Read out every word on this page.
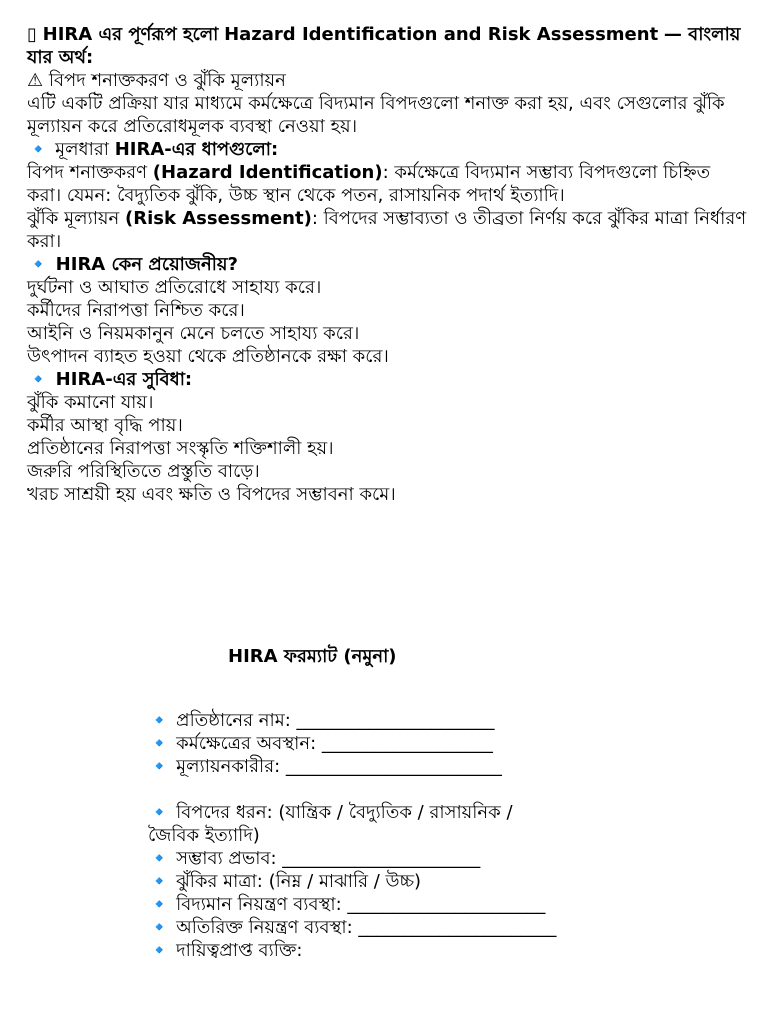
▯ HIRA এর পূর্ণরূপ হলো Hazard Identification and Risk Assessment — বাংলায় যার অর্থ:

⚠ বিপদ শনাক্তকরণ ও ঝুঁকি মূল্যায়ন

এটি একটি প্রক্রিয়া যার মাধ্যমে কর্মক্ষেত্রে বিদ্যমান বিপদগুলো শনাক্ত করা হয়, এবং সেগুলোর ঝুঁকি মূল্যায়ন করে প্রতিরোধমূলক ব্যবস্থা নেওয়া হয়।

🔹 মূলধারা HIRA-এর ধাপগুলো:

বিপদ শনাক্তকরণ (Hazard Identification): কর্মক্ষেত্রে বিদ্যমান সম্ভাব্য বিপদগুলো চিহ্নিত করা। যেমন: বৈদ্যুতিক ঝুঁকি, উচ্চ স্থান থেকে পতন, রাসায়নিক পদার্থ ইত্যাদি।

ঝুঁকি মূল্যায়ন (Risk Assessment): বিপদের সম্ভাব্যতা ও তীব্রতা নির্ণয় করে ঝুঁকির মাত্রা নির্ধারণ করা।

🔹 HIRA কেন প্রয়োজনীয়?

দুর্ঘটনা ও আঘাত প্রতিরোধে সাহায্য করে।

কর্মীদের নিরাপত্তা নিশ্চিত করে।

আইনি ও নিয়মকানুন মেনে চলতে সাহায্য করে।

উৎপাদন ব্যাহত হওয়া থেকে প্রতিষ্ঠানকে রক্ষা করে।

🔹 HIRA-এর সুবিধা:

ঝুঁকি কমানো যায়।

কর্মীর আস্থা বৃদ্ধি পায়।

প্রতিষ্ঠানের নিরাপত্তা সংস্কৃতি শক্তিশালী হয়।

জরুরি পরিস্থিতিতে প্রস্তুতি বাড়ে।

খরচ সাশ্রয়ী হয় এবং ক্ষতি ও বিপদের সম্ভাবনা কমে।

HIRA ফরম্যাট (নমুনা)

🔹 প্রতিষ্ঠানের নাম: ______________________

🔹 কর্মক্ষেত্রের অবস্থান: ___________________

🔹 মূল্যায়নকারীর: ________________________

🔹 বিপদের ধরন: (যান্ত্রিক / বৈদ্যুতিক / রাসায়নিক / জৈবিক ইত্যাদি)

🔹 সম্ভাব্য প্রভাব: ______________________

🔹 ঝুঁকির মাত্রা: (নিম্ন / মাঝারি / উচ্চ)

🔹 বিদ্যমান নিয়ন্ত্রণ ব্যবস্থা: ______________________

🔹 অতিরিক্ত নিয়ন্ত্রণ ব্যবস্থা: ______________________

🔹 দায়িত্বপ্রাপ্ত ব্যক্তি:
